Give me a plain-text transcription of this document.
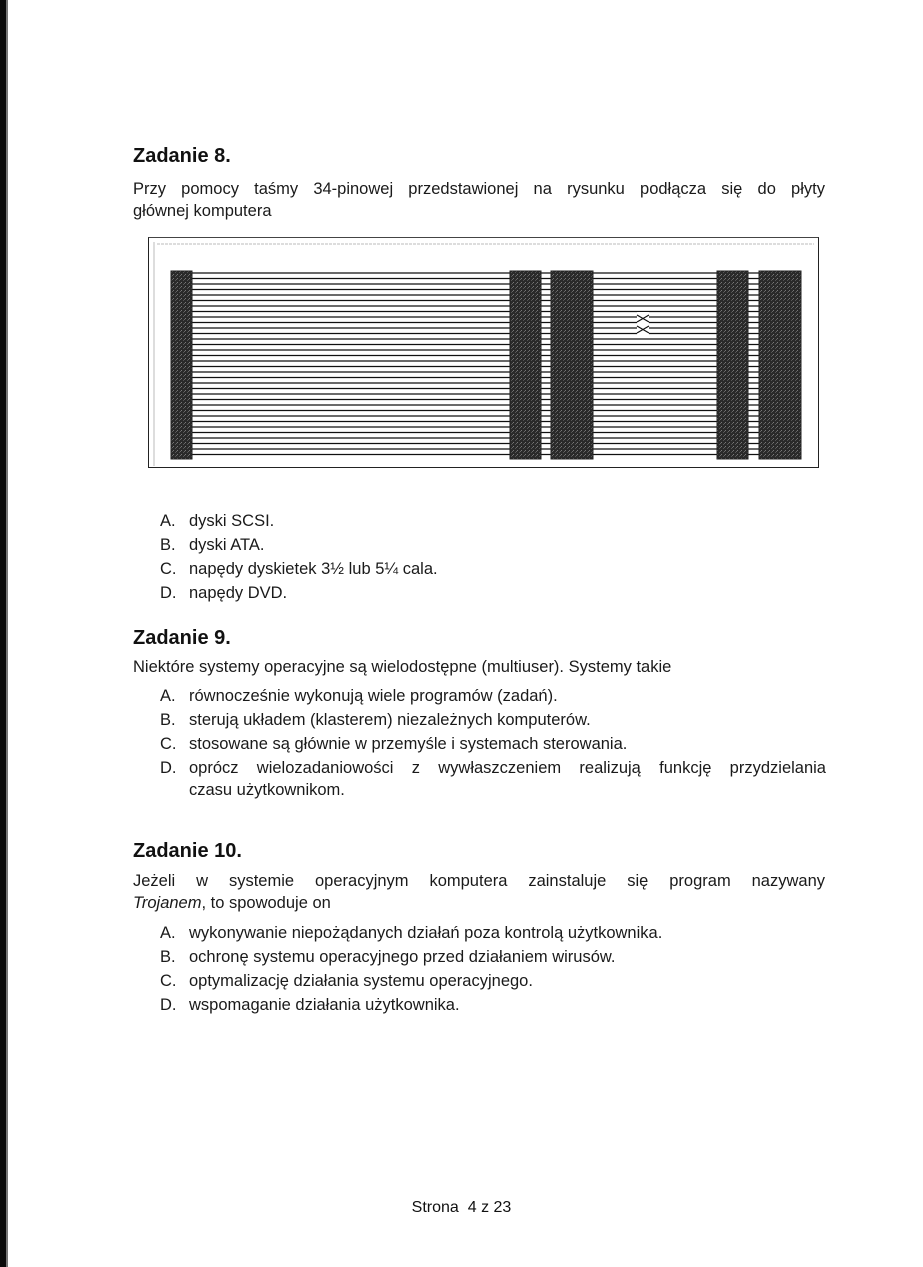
Zadanie 8.
Przy pomocy taśmy 34-pinowej przedstawionej na rysunku podłącza się do płyty
głównej komputera
A. dyski SCSI.
B. dyski ATA.
C. napędy dyskietek 3½ lub 5¼ cala.
D. napędy DVD.
Zadanie 9.
Niektóre systemy operacyjne są wielodostępne (multiuser). Systemy takie
A. równocześnie wykonują wiele programów (zadań).
B. sterują układem (klasterem) niezależnych komputerów.
C. stosowane są głównie w przemyśle i systemach sterowania.
D. oprócz wielozadaniowości z wywłaszczeniem realizują funkcję przydzielania
czasu użytkownikom.
Zadanie 10.
Jeżeli w systemie operacyjnym komputera zainstaluje się program nazywany
Trojanem, to spowoduje on
A. wykonywanie niepożądanych działań poza kontrolą użytkownika.
B. ochronę systemu operacyjnego przed działaniem wirusów.
C. optymalizację działania systemu operacyjnego.
D. wspomaganie działania użytkownika.
Strona 4 z 23
